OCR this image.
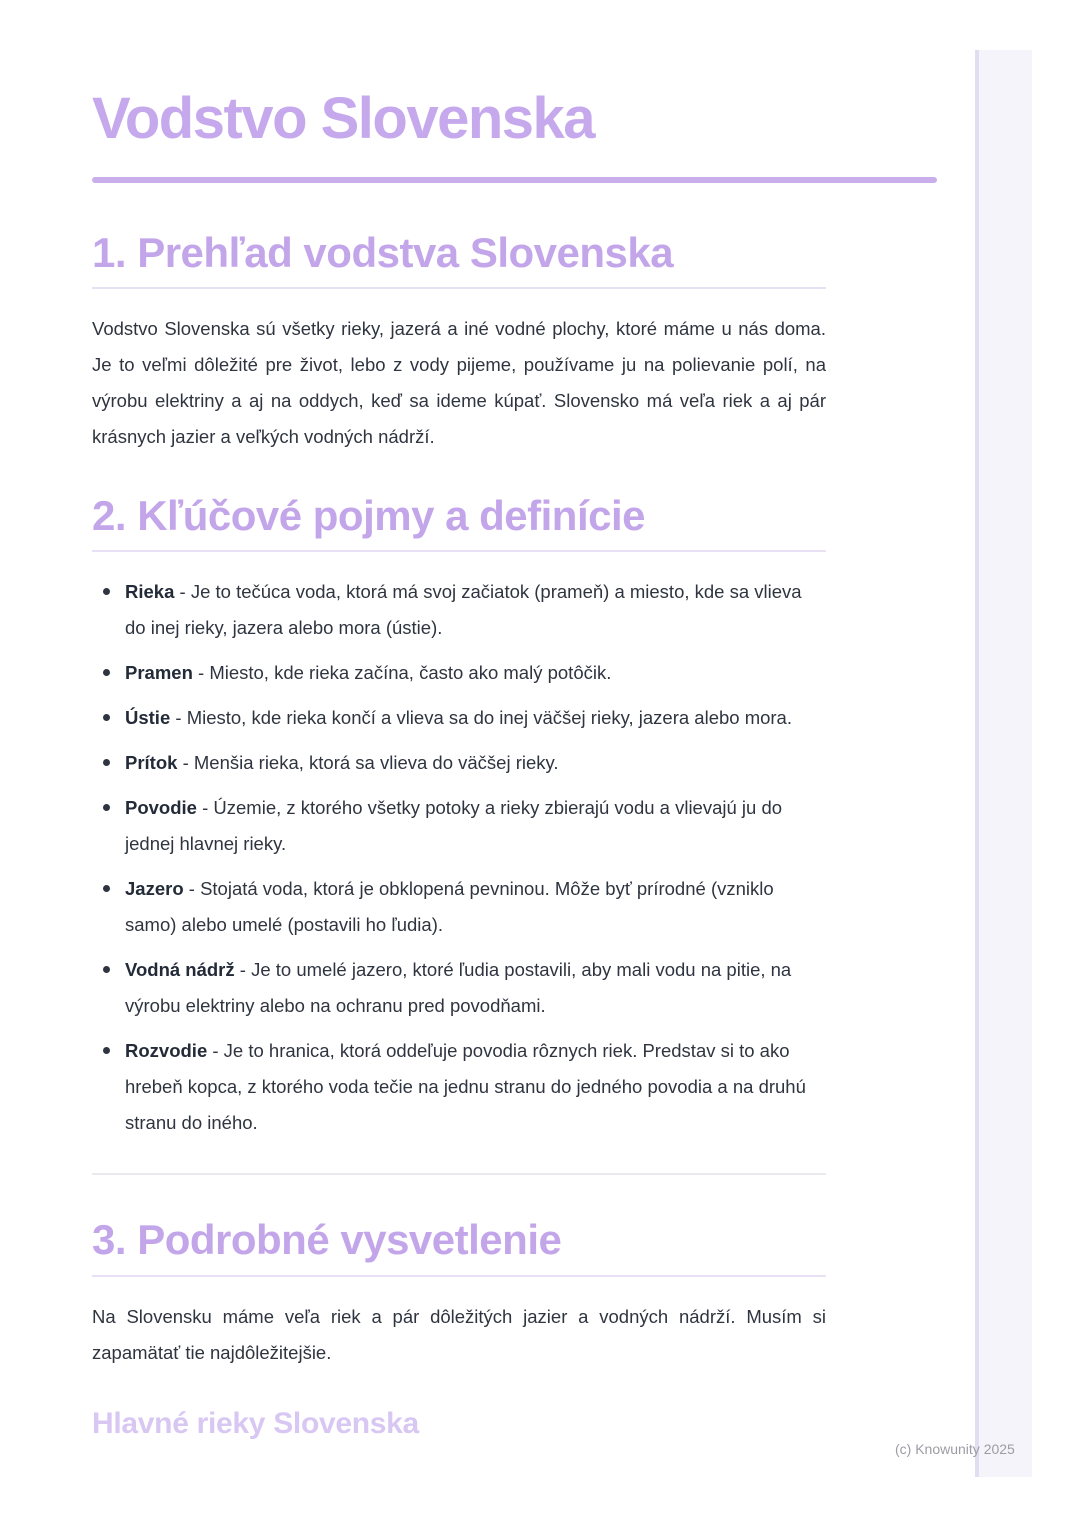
Vodstvo Slovenska
1. Prehľad vodstva Slovenska

Vodstvo Slovenska sú všetky rieky, jazerá a iné vodné plochy, ktoré máme u nás doma. Je to veľmi dôležité pre život, lebo z vody pijeme, používame ju na polievanie polí, na výrobu elektriny a aj na oddych, keď sa ideme kúpať. Slovensko má veľa riek a aj pár krásnych jazier a veľkých vodných nádrží.

2. Kľúčové pojmy a definície
Rieka - Je to tečúca voda, ktorá má svoj začiatok (prameň) a miesto, kde sa vlieva do inej rieky, jazera alebo mora (ústie).
Pramen - Miesto, kde rieka začína, často ako malý potôčik.
Ústie - Miesto, kde rieka končí a vlieva sa do inej väčšej rieky, jazera alebo mora.
Prítok - Menšia rieka, ktorá sa vlieva do väčšej rieky.
Povodie - Územie, z ktorého všetky potoky a rieky zbierajú vodu a vlievajú ju do jednej hlavnej rieky.
Jazero - Stojatá voda, ktorá je obklopená pevninou. Môže byť prírodné (vzniklo samo) alebo umelé (postavili ho ľudia).
Vodná nádrž - Je to umelé jazero, ktoré ľudia postavili, aby mali vodu na pitie, na výrobu elektriny alebo na ochranu pred povodňami.
Rozvodie - Je to hranica, ktorá oddeľuje povodia rôznych riek. Predstav si to ako hrebeň kopca, z ktorého voda tečie na jednu stranu do jedného povodia a na druhú stranu do iného.
3. Podrobné vysvetlenie

Na Slovensku máme veľa riek a pár dôležitých jazier a vodných nádrží. Musím si zapamätať tie najdôležitejšie.

Hlavné rieky Slovenska
(c) Knowunity 2025
